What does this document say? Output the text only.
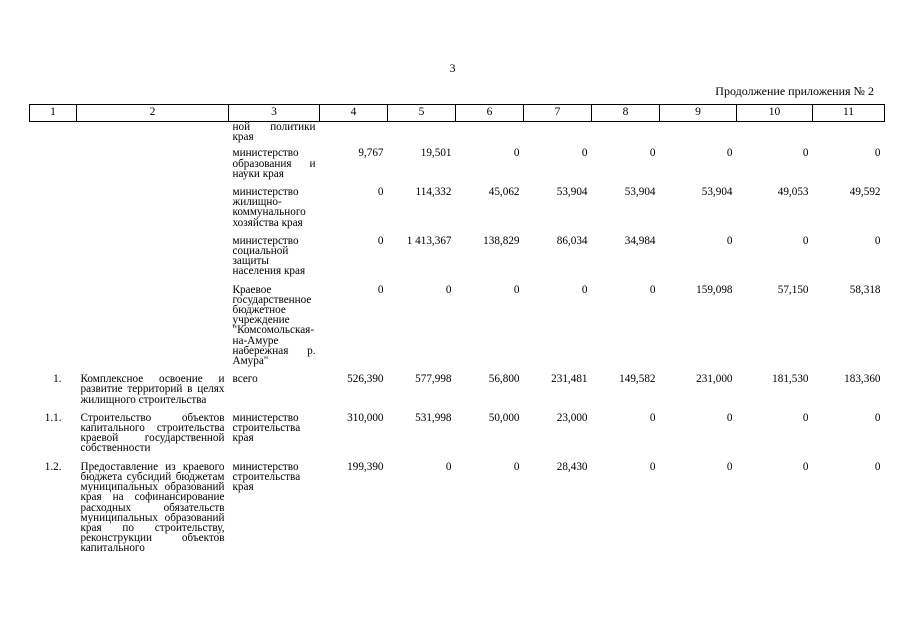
3
Продолжение приложения № 2
1	2	3	4	5	6	7	8	9	10	11
		ной политики края								
		министерство образования и науки края	9,767	19,501	0	0	0	0	0	0
		министерство жилищно-коммунального хозяйства края	0	114,332	45,062	53,904	53,904	53,904	49,053	49,592
		министерство социальной защиты населения края	0	1 413,367	138,829	86,034	34,984	0	0	0
		Краевое государственное бюджетное учреждение "Комсомольская-на-Амуре набережная р. Амура"	0	0	0	0	0	159,098	57,150	58,318
1.	Комплексное освоение и развитие территорий в целях жилищного строительства	всего	526,390	577,998	56,800	231,481	149,582	231,000	181,530	183,360
1.1.	Строительство объектов капитального строительства краевой государственной собственности	министерство строительства края	310,000	531,998	50,000	23,000	0	0	0	0
1.2.	Предоставление из краевого бюджета субсидий бюджетам муниципальных образований края на софинансирование расходных обязательств муниципальных образований края по строительству, реконструкции объектов капитального	министерство строительства края	199,390	0	0	28,430	0	0	0	0
